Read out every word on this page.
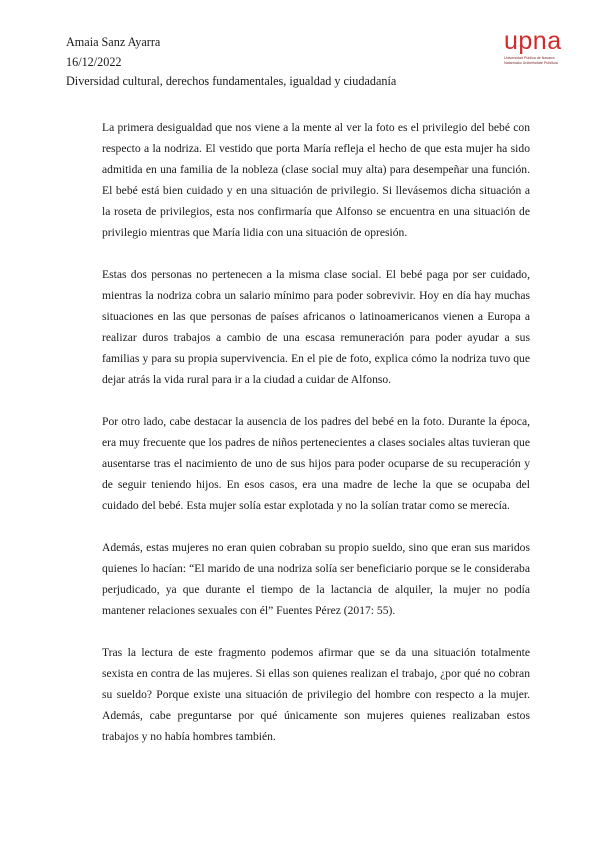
Amaia Sanz Ayarra
16/12/2022
Diversidad cultural, derechos fundamentales, igualdad y ciudadanía
upna
Universidad Pública de Navarra
Nafarroako Unibertsitate Publikoa

La primera desigualdad que nos viene a la mente al ver la foto es el privilegio del bebé con respecto a la nodriza. El vestido que porta María refleja el hecho de que esta mujer ha sido admitida en una familia de la nobleza (clase social muy alta) para desempeñar una función. El bebé está bien cuidado y en una situación de privilegio. Si llevásemos dicha situación a la roseta de privilegios, esta nos confirmaría que Alfonso se encuentra en una situación de privilegio mientras que María lidia con una situación de opresión.

Estas dos personas no pertenecen a la misma clase social. El bebé paga por ser cuidado, mientras la nodriza cobra un salario mínimo para poder sobrevivir. Hoy en día hay muchas situaciones en las que personas de países africanos o latinoamericanos vienen a Europa a realizar duros trabajos a cambio de una escasa remuneración para poder ayudar a sus familias y para su propia supervivencia. En el pie de foto, explica cómo la nodriza tuvo que dejar atrás la vida rural para ir a la ciudad a cuidar de Alfonso.

Por otro lado, cabe destacar la ausencia de los padres del bebé en la foto. Durante la época, era muy frecuente que los padres de niños pertenecientes a clases sociales altas tuvieran que ausentarse tras el nacimiento de uno de sus hijos para poder ocuparse de su recuperación y de seguir teniendo hijos. En esos casos, era una madre de leche la que se ocupaba del cuidado del bebé. Esta mujer solía estar explotada y no la solían tratar como se merecía.

Además, estas mujeres no eran quien cobraban su propio sueldo, sino que eran sus maridos quienes lo hacían: “El marido de una nodriza solía ser beneficiario porque se le consideraba perjudicado, ya que durante el tiempo de la lactancia de alquiler, la mujer no podía mantener relaciones sexuales con él” Fuentes Pérez (2017: 55).

Tras la lectura de este fragmento podemos afirmar que se da una situación totalmente sexista en contra de las mujeres. Si ellas son quienes realizan el trabajo, ¿por qué no cobran su sueldo? Porque existe una situación de privilegio del hombre con respecto a la mujer. Además, cabe preguntarse por qué únicamente son mujeres quienes realizaban estos trabajos y no había hombres también.
